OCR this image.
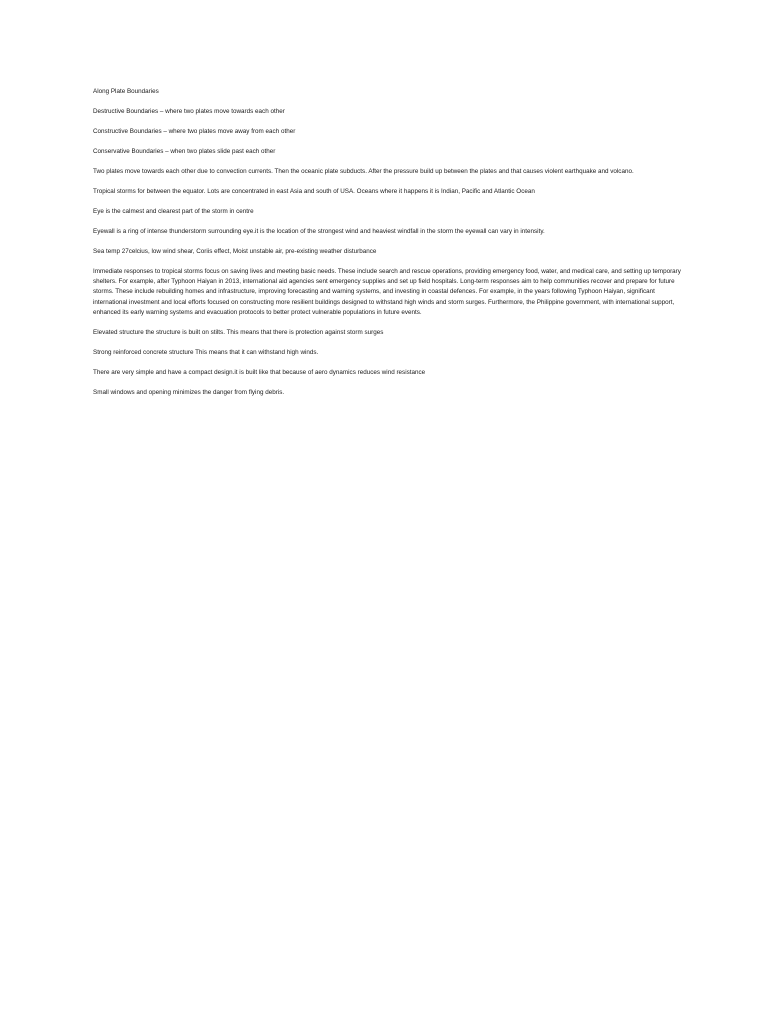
Along Plate Boundaries

Destructive Boundaries – where two plates move towards each other

Constructive Boundaries – where two plates move away from each other

Conservative Boundaries – when two plates slide past each other

Two plates move towards each other due to convection currents. Then the oceanic plate subducts. After the pressure build up between the plates and that causes violent earthquake and volcano.

Tropical storms for between the equator. Lots are concentrated in east Asia and south of USA. Oceans where it happens it is Indian, Pacific and Atlantic Ocean

Eye is the calmest and clearest part of the storm in centre

Eyewall is a ring of intense thunderstorm surrounding eye.it is the location of the strongest wind and heaviest windfall in the storm the eyewall can vary in intensity.

Sea temp 27celcius, low wind shear, Coriis effect, Moist unstable air, pre-existing weather disturbance

Immediate responses to tropical storms focus on saving lives and meeting basic needs. These include search and rescue operations, providing emergency food, water, and medical care, and setting up temporary shelters. For example, after Typhoon Haiyan in 2013, international aid agencies sent emergency supplies and set up field hospitals. Long-term responses aim to help communities recover and prepare for future storms. These include rebuilding homes and infrastructure, improving forecasting and warning systems, and investing in coastal defences. For example, in the years following Typhoon Haiyan, significant international investment and local efforts focused on constructing more resilient buildings designed to withstand high winds and storm surges. Furthermore, the Philippine government, with international support, enhanced its early warning systems and evacuation protocols to better protect vulnerable populations in future events.

Elevated structure the structure is built on stilts. This means that there is protection against storm surges

Strong reinforced concrete structure This means that it can withstand high winds.

There are very simple and have a compact design.it is built like that because of aero dynamics reduces wind resistance

Small windows and opening minimizes the danger from flying debris.
